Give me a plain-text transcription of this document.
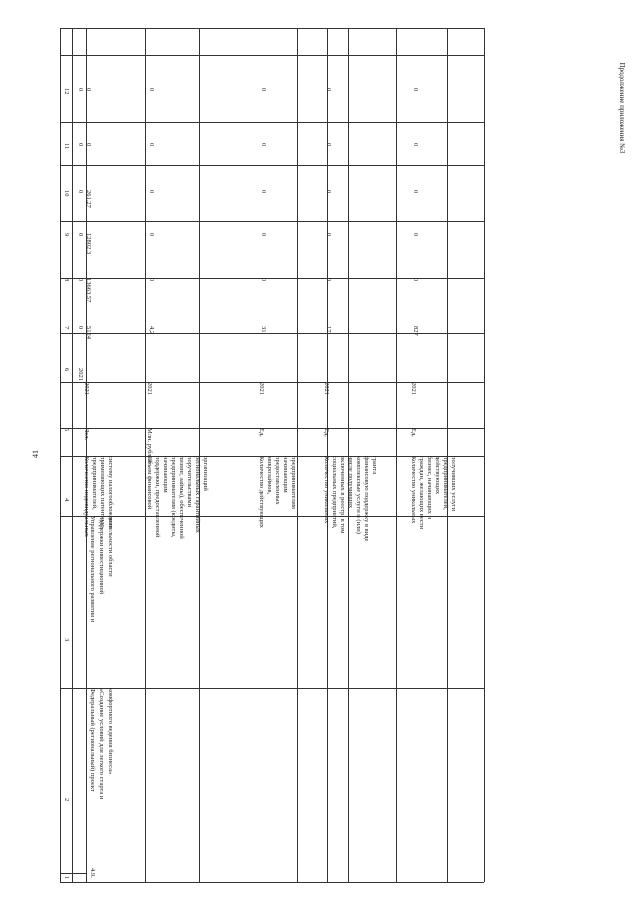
41
Продолжение приложения №3
1
2
3
4
5
6
7
8
9
10
11
12
2021
0
0
0
0
0
0
4.9.
Федеральный (региональный) проект «Создание условий для легкого старта и комфортного ведения бизнеса»
Управление регионального развития и поддержки инвестиционной деятельности области
Количество индивидуальных предпринимателей, применяющих патентную систему налогообложения
Чел.
2021
5124
13663,57
12802,3
261,27
0
0
Объем финансовой поддержки, предоставленной начинающим предпринимателям (кредиты, лизинг, займы), обеспеченной поручительствами региональных гарантийных организаций
Млн. рублей
2021
4,2
0
0
0
0
0
Количество действующих микрозаймов, предоставленных начинающим предпринимателям
Ед.
2021
31
0
0
0
0
0
Количество уникальных социальных предприятий, включенных в реестр, в том числе получивших комплексные услуги и (или) финансовую поддержку в виде гранта
Ед.
2021
17
0
0
0
0
0
Количество уникальных граждан, желающих вести бизнес, начинающих и действующих предпринимателей, получивших услуги
Ед.
2021
827
0
0
0
0
0
